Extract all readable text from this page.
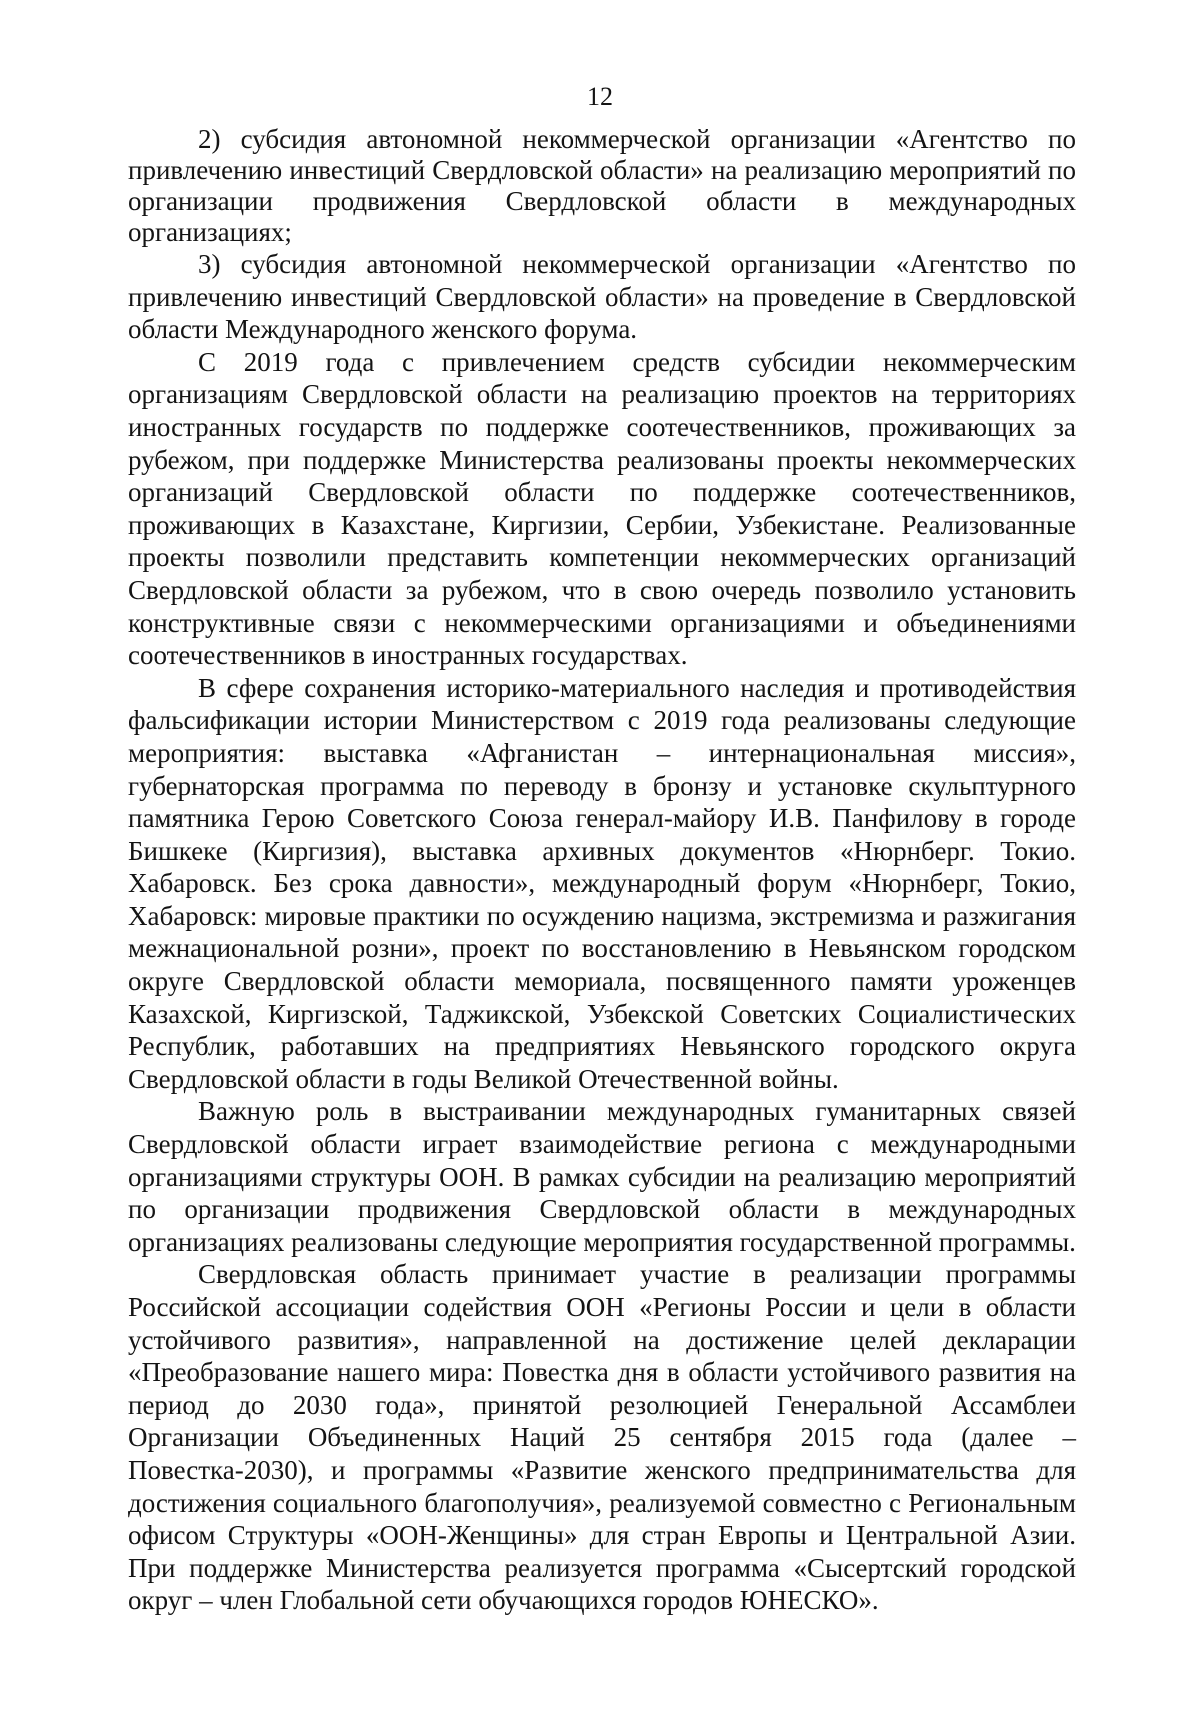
12

2) субсидия автономной некоммерческой организации «Агентство по привлечению инвестиций Свердловской области» на реализацию мероприятий по организации продвижения Свердловской области в международных организациях;

3) субсидия автономной некоммерческой организации «Агентство по привлечению инвестиций Свердловской области» на проведение в Свердловской области Международного женского форума.

С 2019 года с привлечением средств субсидии некоммерческим организациям Свердловской области на реализацию проектов на территориях иностранных государств по поддержке соотечественников, проживающих за рубежом, при поддержке Министерства реализованы проекты некоммерческих организаций Свердловской области по поддержке соотечественников, проживающих в Казахстане, Киргизии, Сербии, Узбекистане. Реализованные проекты позволили представить компетенции некоммерческих организаций Свердловской области за рубежом, что в свою очередь позволило установить конструктивные связи с некоммерческими организациями и объединениями соотечественников в иностранных государствах.

В сфере сохранения историко-материального наследия и противодействия фальсификации истории Министерством с 2019 года реализованы следующие мероприятия: выставка «Афганистан – интернациональная миссия», губернаторская программа по переводу в бронзу и установке скульптурного памятника Герою Советского Союза генерал-майору И.В. Панфилову в городе Бишкеке (Киргизия), выставка архивных документов «Нюрнберг. Токио. Хабаровск. Без срока давности», международный форум «Нюрнберг, Токио, Хабаровск: мировые практики по осуждению нацизма, экстремизма и разжигания межнациональной розни», проект по восстановлению в Невьянском городском округе Свердловской области мемориала, посвященного памяти уроженцев Казахской, Киргизской, Таджикской, Узбекской Советских Социалистических Республик, работавших на предприятиях Невьянского городского округа Свердловской области в годы Великой Отечественной войны.

Важную роль в выстраивании международных гуманитарных связей Свердловской области играет взаимодействие региона с международными организациями структуры ООН. В рамках субсидии на реализацию мероприятий по организации продвижения Свердловской области в международных организациях реализованы следующие мероприятия государственной программы.

Свердловская область принимает участие в реализации программы Российской ассоциации содействия ООН «Регионы России и цели в области устойчивого развития», направленной на достижение целей декларации «Преобразование нашего мира: Повестка дня в области устойчивого развития на период до 2030 года», принятой резолюцией Генеральной Ассамблеи Организации Объединенных Наций 25 сентября 2015 года (далее – Повестка-2030), и программы «Развитие женского предпринимательства для достижения социального благополучия», реализуемой совместно с Региональным офисом Структуры «ООН-Женщины» для стран Европы и Центральной Азии. При поддержке Министерства реализуется программа «Сысертский городской округ – член Глобальной сети обучающихся городов ЮНЕСКО».
